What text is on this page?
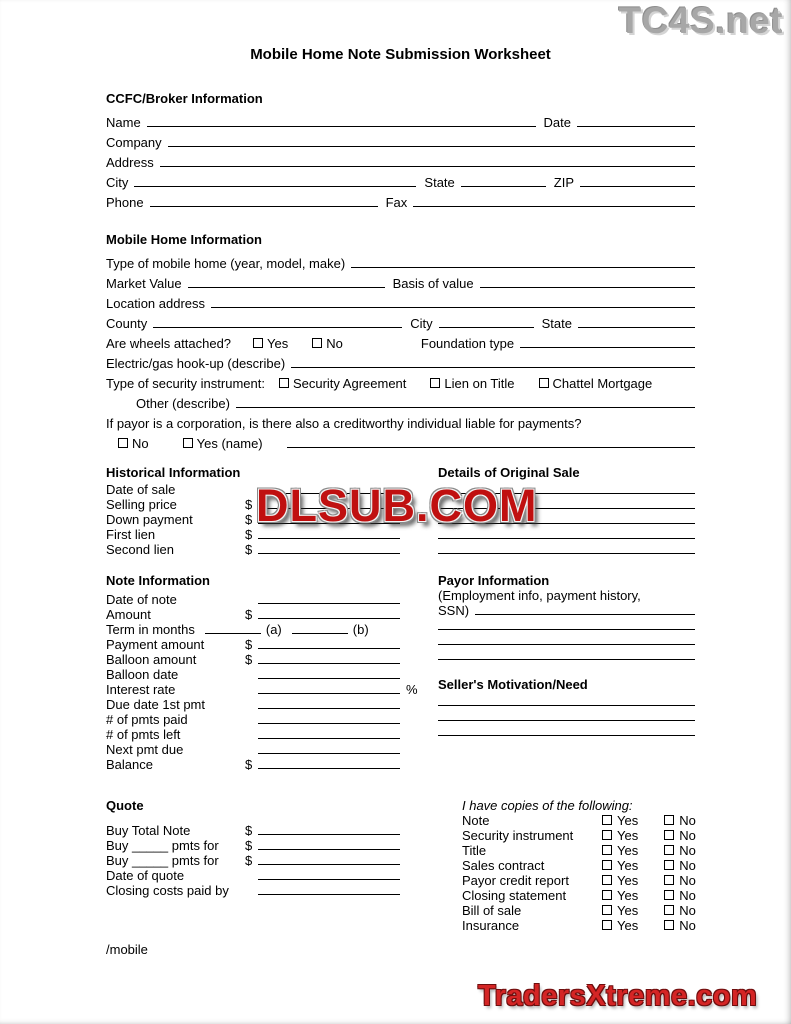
TC4S.net
Mobile Home Note Submission Worksheet
CCFC/Broker Information
Name	Date
Company
Address
City	State	ZIP
Phone	Fax
Mobile Home Information
Type of mobile home (year, model, make)
Market Value	Basis of value
Location address
County	City	State
Are wheels attached?	Yes	No	Foundation type
Electric/gas hook-up (describe)
Type of security instrument: Security Agreement	Lien on Title	Chattel Mortgage
Other (describe)
If payor is a corporation, is there also a creditworthy individual liable for payments?
No	Yes (name)
Historical Information
Date of sale
Selling price	$
Down payment	$
First lien	$
Second lien	$
Details of Original Sale
Note Information
Date of note
Amount	$
Term in months	(a)	(b)
Payment amount	$
Balloon amount	$
Balloon date
Interest rate	%
Due date 1st pmt
# of pmts paid
# of pmts left
Next pmt due
Balance	$
Payor Information
(Employment info, payment history,
SSN)
Seller's Motivation/Need
Quote
Buy Total Note	$
Buy _____ pmts for	$
Buy _____ pmts for	$
Date of quote
Closing costs paid by
I have copies of the following:
Note	Yes	No
Security instrument	Yes	No
Title	Yes	No
Sales contract	Yes	No
Payor credit report	Yes	No
Closing statement	Yes	No
Bill of sale	Yes	No
Insurance	Yes	No
/mobile
DLSUB.COM
TradersXtreme.com
